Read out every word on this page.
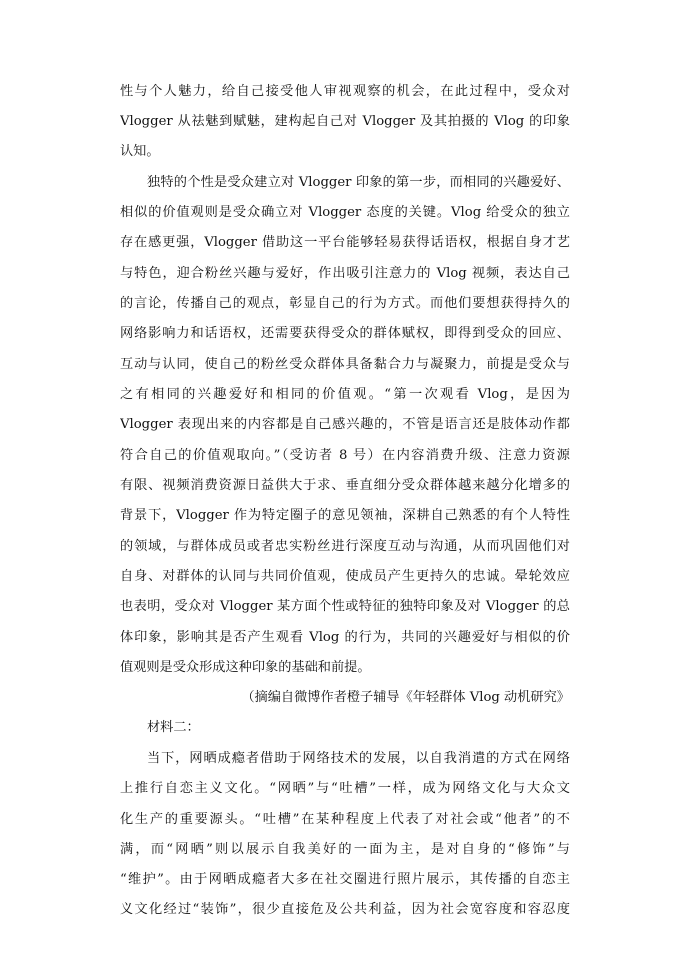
性与个人魅力，给自己接受他人审视观察的机会，在此过程中，受众对
Vlogger 从祛魅到赋魅，建构起自己对 Vlogger 及其拍摄的 Vlog 的印象
认知。
独特的个性是受众建立对 Vlogger 印象的第一步，而相同的兴趣爱好、
相似的价值观则是受众确立对 Vlogger 态度的关键。Vlog 给受众的独立
存在感更强，Vlogger 借助这一平台能够轻易获得话语权，根据自身才艺
与特色，迎合粉丝兴趣与爱好，作出吸引注意力的 Vlog 视频，表达自己
的言论，传播自己的观点，彰显自己的行为方式。而他们要想获得持久的
网络影响力和话语权，还需要获得受众的群体赋权，即得到受众的回应、
互动与认同，使自己的粉丝受众群体具备黏合力与凝聚力，前提是受众与
之有相同的兴趣爱好和相同的价值观。“第一次观看 Vlog，是因为
Vlogger 表现出来的内容都是自己感兴趣的，不管是语言还是肢体动作都
符合自己的价值观取向。”（受访者 8 号）在内容消费升级、注意力资源
有限、视频消费资源日益供大于求、垂直细分受众群体越来越分化增多的
背景下，Vlogger 作为特定圈子的意见领袖，深耕自己熟悉的有个人特性
的领域，与群体成员或者忠实粉丝进行深度互动与沟通，从而巩固他们对
自身、对群体的认同与共同价值观，使成员产生更持久的忠诚。晕轮效应
也表明，受众对 Vlogger 某方面个性或特征的独特印象及对 Vlogger 的总
体印象，影响其是否产生观看 Vlog 的行为，共同的兴趣爱好与相似的价
值观则是受众形成这种印象的基础和前提。
（摘编自微博作者橙子辅导《年轻群体 Vlog 动机研究》
材料二：
当下，网晒成瘾者借助于网络技术的发展，以自我消遣的方式在网络
上推行自恋主义文化。“网晒”与“吐槽”一样，成为网络文化与大众文
化生产的重要源头。“吐槽”在某种程度上代表了对社会或“他者”的不
满，而“网晒”则以展示自我美好的一面为主，是对自身的“修饰”与
“维护”。由于网晒成瘾者大多在社交圈进行照片展示，其传播的自恋主
义文化经过“装饰”，很少直接危及公共利益，因为社会宽容度和容忍度
